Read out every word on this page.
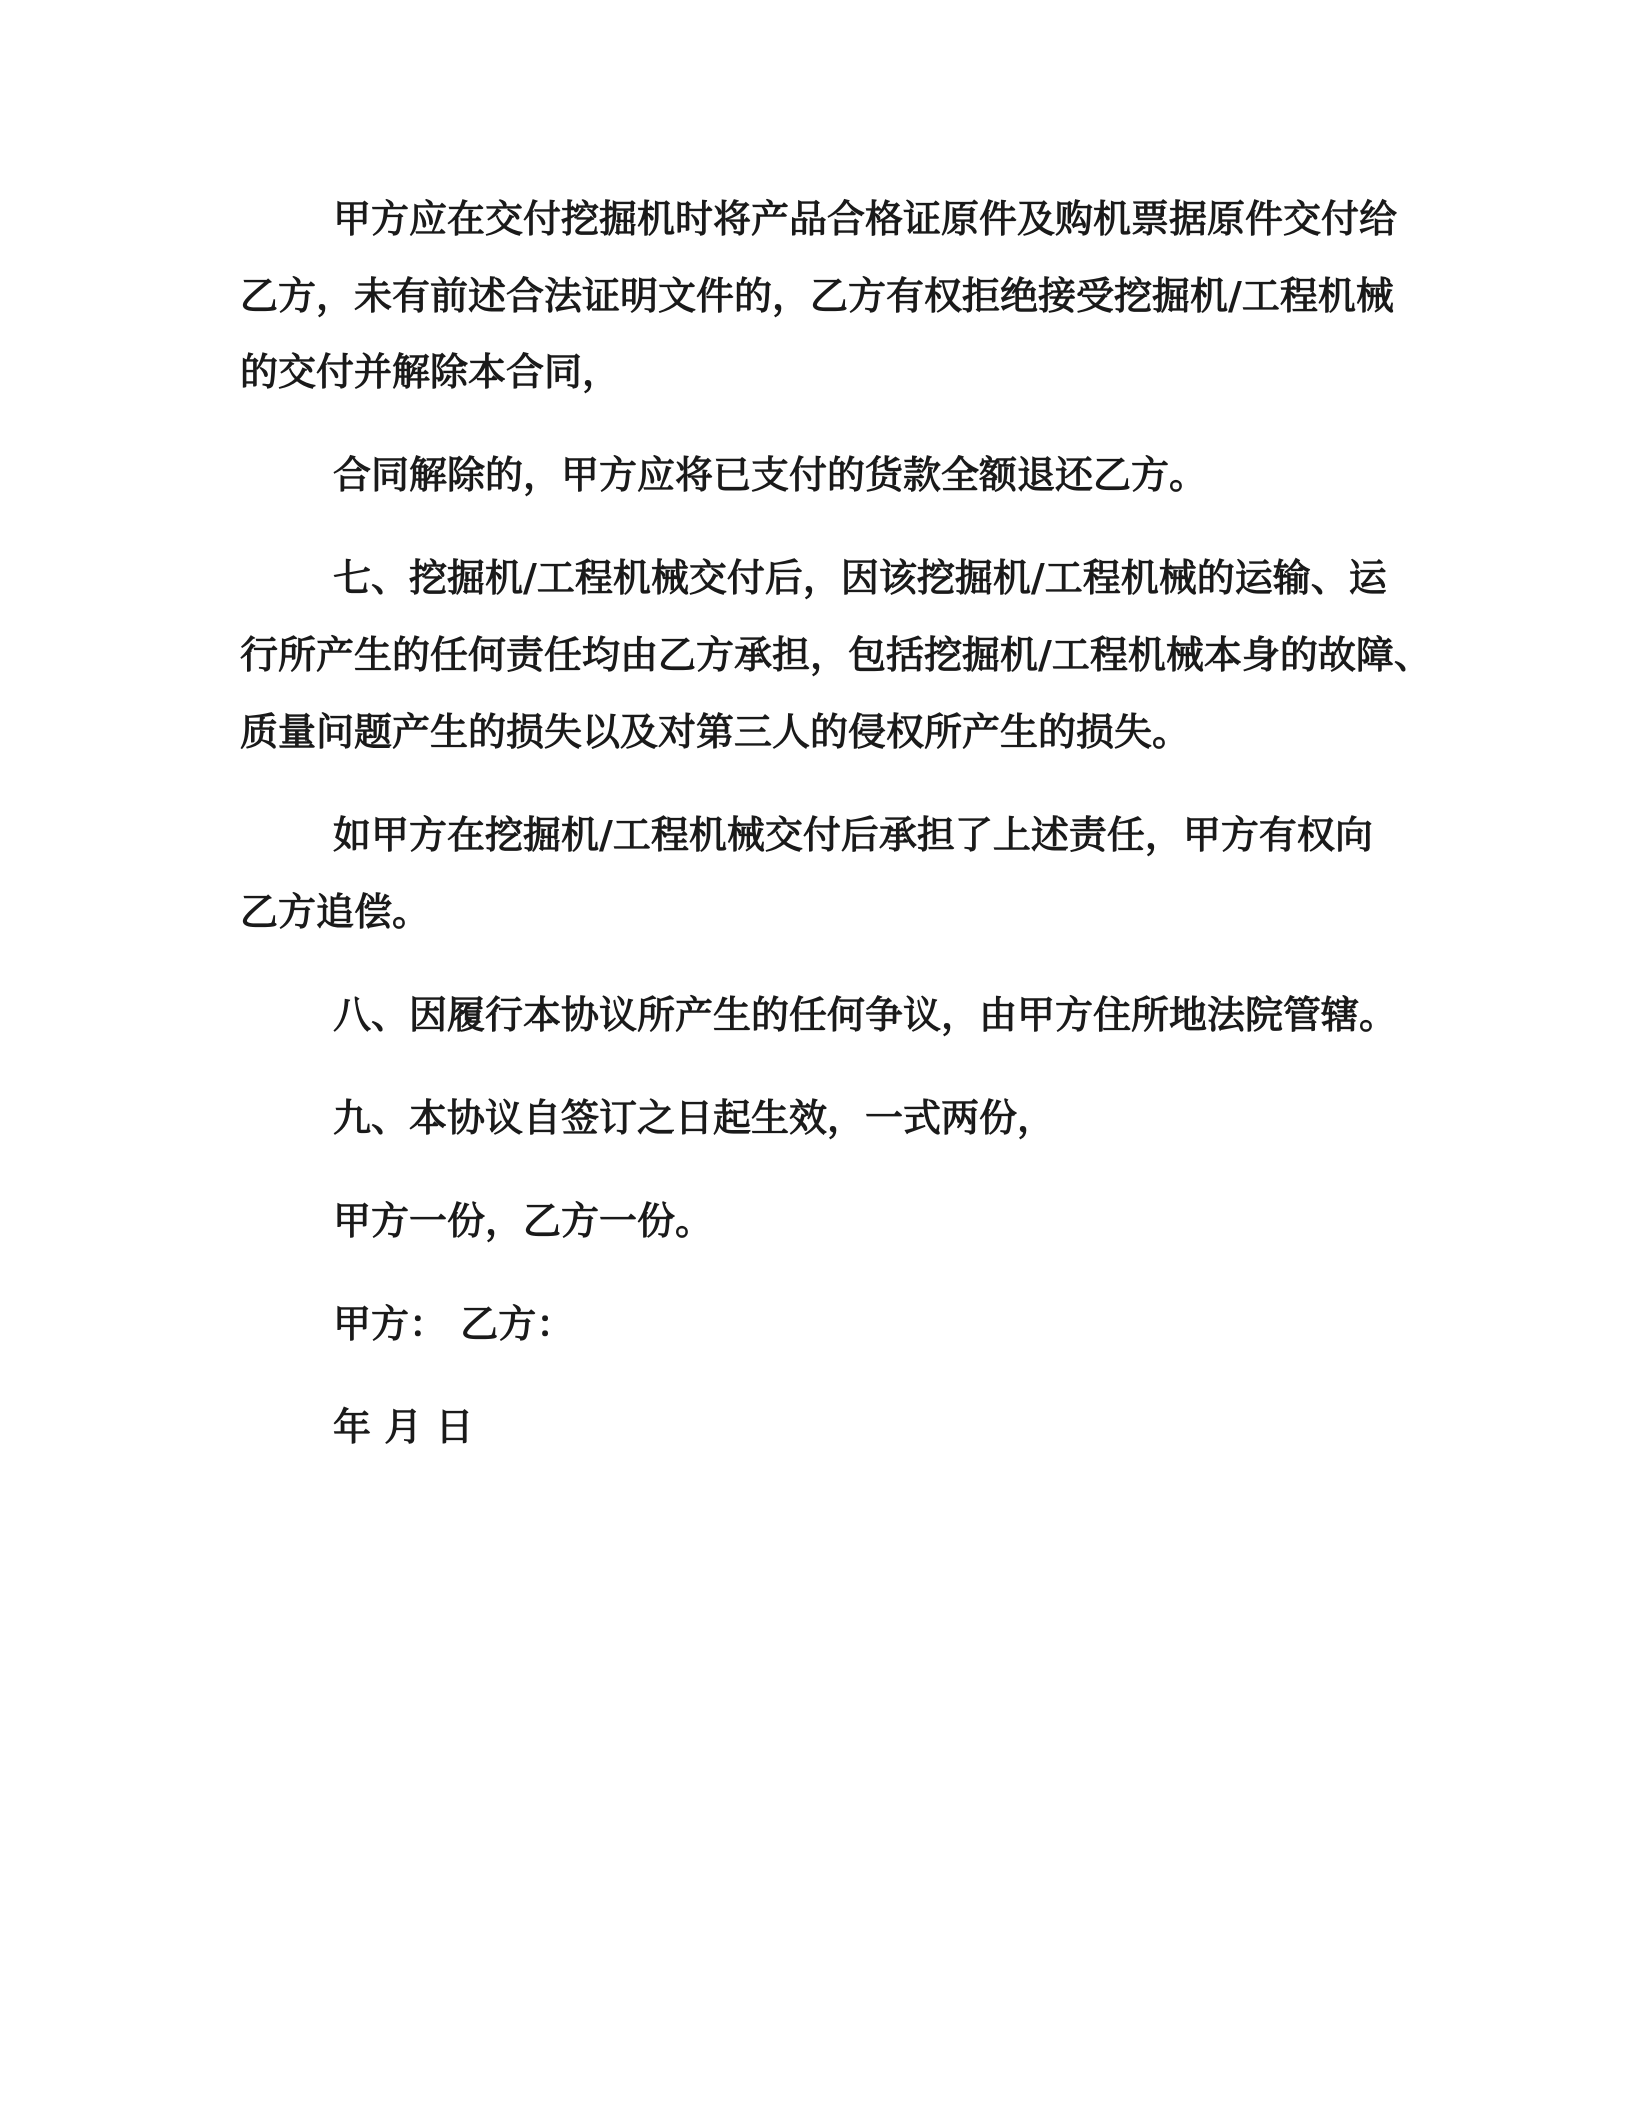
甲方应在交付挖掘机时将产品合格证原件及购机票据原件交付给

乙方，未有前述合法证明文件的，乙方有权拒绝接受挖掘机/工程机械

的交付并解除本合同，

合同解除的，甲方应将已支付的货款全额退还乙方。

七、挖掘机/工程机械交付后，因该挖掘机/工程机械的运输、运

行所产生的任何责任均由乙方承担，包括挖掘机/工程机械本身的故障、

质量问题产生的损失以及对第三人的侵权所产生的损失。

如甲方在挖掘机/工程机械交付后承担了上述责任，甲方有权向

乙方追偿。

八、因履行本协议所产生的任何争议，由甲方住所地法院管辖。

九、本协议自签订之日起生效，一式两份，

甲方一份，乙方一份。

甲方： 乙方：

年 月 日
